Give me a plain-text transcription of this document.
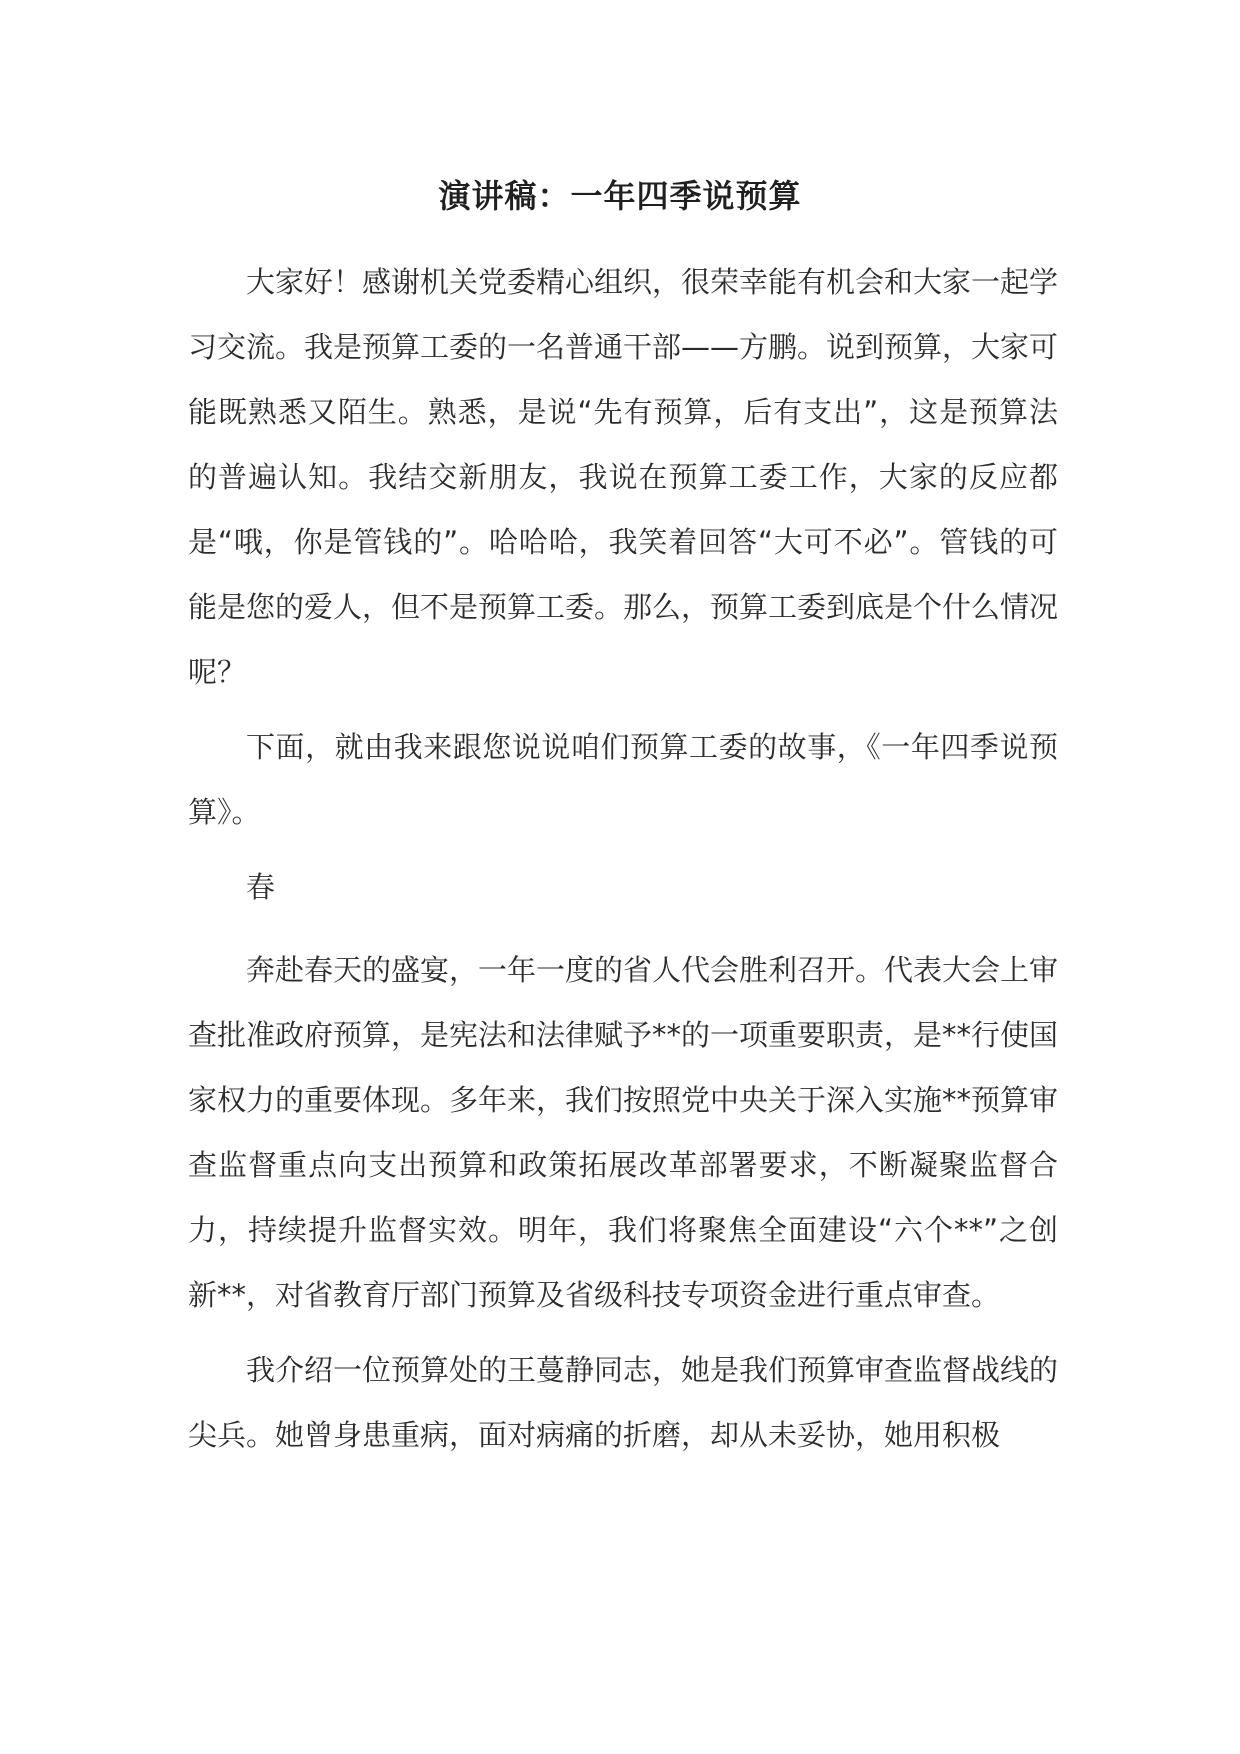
演讲稿：一年四季说预算

大家好！感谢机关党委精心组织，很荣幸能有机会和大家一起学习交流。我是预算工委的一名普通干部——方鹏。说到预算，大家可能既熟悉又陌生。熟悉，是说“先有预算，后有支出”，这是预算法的普遍认知。我结交新朋友，我说在预算工委工作，大家的反应都是“哦，你是管钱的”。哈哈哈，我笑着回答“大可不必”。管钱的可能是您的爱人，但不是预算工委。那么，预算工委到底是个什么情况呢？

下面，就由我来跟您说说咱们预算工委的故事，《一年四季说预算》。

春

奔赴春天的盛宴，一年一度的省人代会胜利召开。代表大会上审查批准政府预算，是宪法和法律赋予**的一项重要职责，是**行使国家权力的重要体现。多年来，我们按照党中央关于深入实施**预算审查监督重点向支出预算和政策拓展改革部署要求，不断凝聚监督合力，持续提升监督实效。明年，我们将聚焦全面建设“六个**”之创新**，对省教育厅部门预算及省级科技专项资金进行重点审查。

我介绍一位预算处的王蔓静同志，她是我们预算审查监督战线的尖兵。她曾身患重病，面对病痛的折磨，却从未妥协，她用积极
